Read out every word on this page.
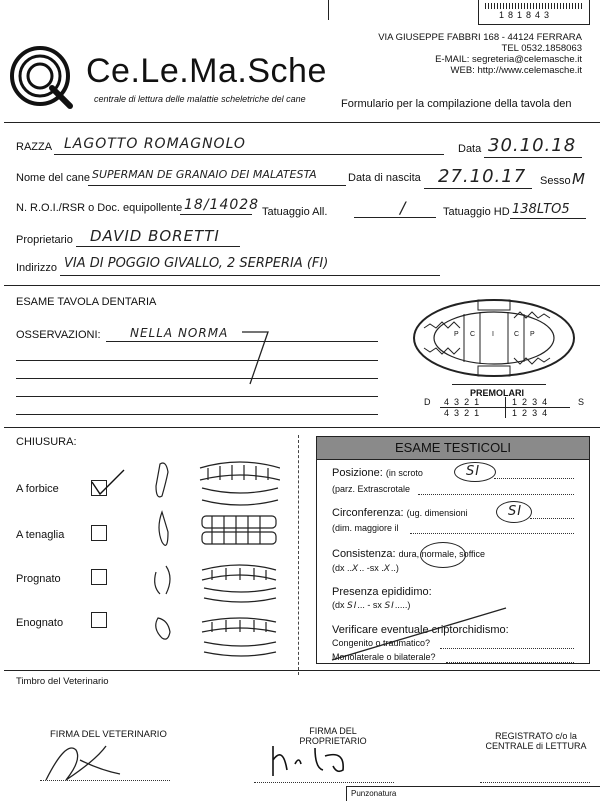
181843
Ce.Le.Ma.Sche
centrale di lettura delle malattie scheletriche del cane
VIA GIUSEPPE FABBRI 168 - 44124 FERRARA
TEL 0532.1858063
E-MAIL: segreteria@celemasche.it
WEB: http://www.celemasche.it
Formulario per la compilazione della tavola den
RAZZA LAGOTTO ROMAGNOLO	Data 30.10.18
Nome del cane SUPERMAN DE GRANAIO DEI MALATESTA	Data di nascita 27.10.17 Sesso M
N. R.O.I./RSR o Doc. equipollente 18/14028 Tatuaggio All.	/	Tatuaggio HD 138LTO5
Proprietario DAVID BORETTI
Indirizzo VIA DI POGGIO GIVALLO, 2 SERPERIA (FI)
ESAME TAVOLA DENTARIA
OSSERVAZIONI: NELLA NORMA	P C I	C P
PREMOLARI
D	S
4 3 2 1	1 2 3 4
4 3 2 1	1 2 3 4
CHIUSURA:
A forbice
A tenaglia
Prognato
Enognato
ESAME TESTICOLI
Posizione: (in scroto	SI
(parz. Extrascrotale
Circonferenza: (ug. dimensioni	SI
(dim. maggiore il
Consistenza: dura, normale, soffice
(dx ..X.. -sx .X..)
Presenza epididimo:
(dx SI... - sx SI.....)
Verificare eventuale criptorchidismo:
Congenito o traumatico?
Monolaterale o bilaterale?
Timbro del Veterinario
FIRMA DEL VETERINARIO	FIRMA DEL PROPRIETARIO	REGISTRATO c/o la CENTRALE di LETTURA
Punzonatura
